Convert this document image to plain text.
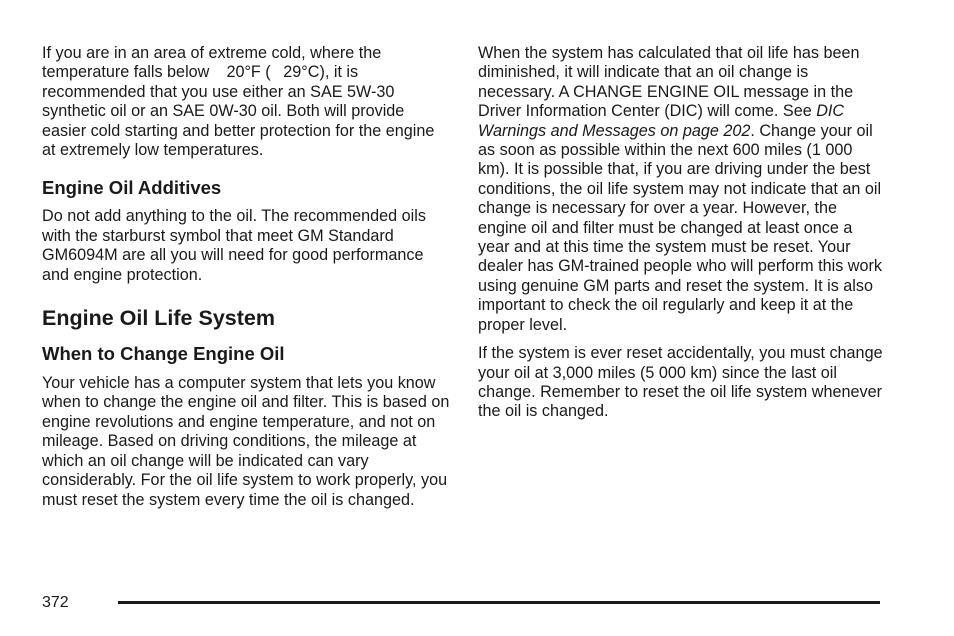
If you are in an area of extreme cold, where the temperature falls below   20°F (  29°C), it is recommended that you use either an SAE 5W-30 synthetic oil or an SAE 0W-30 oil. Both will provide easier cold starting and better protection for the engine at extremely low temperatures.

Engine Oil Additives

Do not add anything to the oil. The recommended oils with the starburst symbol that meet GM Standard GM6094M are all you will need for good performance and engine protection.

Engine Oil Life System
When to Change Engine Oil

Your vehicle has a computer system that lets you know when to change the engine oil and filter. This is based on engine revolutions and engine temperature, and not on mileage. Based on driving conditions, the mileage at which an oil change will be indicated can vary considerably. For the oil life system to work properly, you must reset the system every time the oil is changed.

When the system has calculated that oil life has been diminished, it will indicate that an oil change is necessary. A CHANGE ENGINE OIL message in the Driver Information Center (DIC) will come. See DIC Warnings and Messages on page 202. Change your oil as soon as possible within the next 600 miles (1 000 km). It is possible that, if you are driving under the best conditions, the oil life system may not indicate that an oil change is necessary for over a year. However, the engine oil and filter must be changed at least once a year and at this time the system must be reset. Your dealer has GM-trained people who will perform this work using genuine GM parts and reset the system. It is also important to check the oil regularly and keep it at the proper level.

If the system is ever reset accidentally, you must change your oil at 3,000 miles (5 000 km) since the last oil change. Remember to reset the oil life system whenever the oil is changed.

372
